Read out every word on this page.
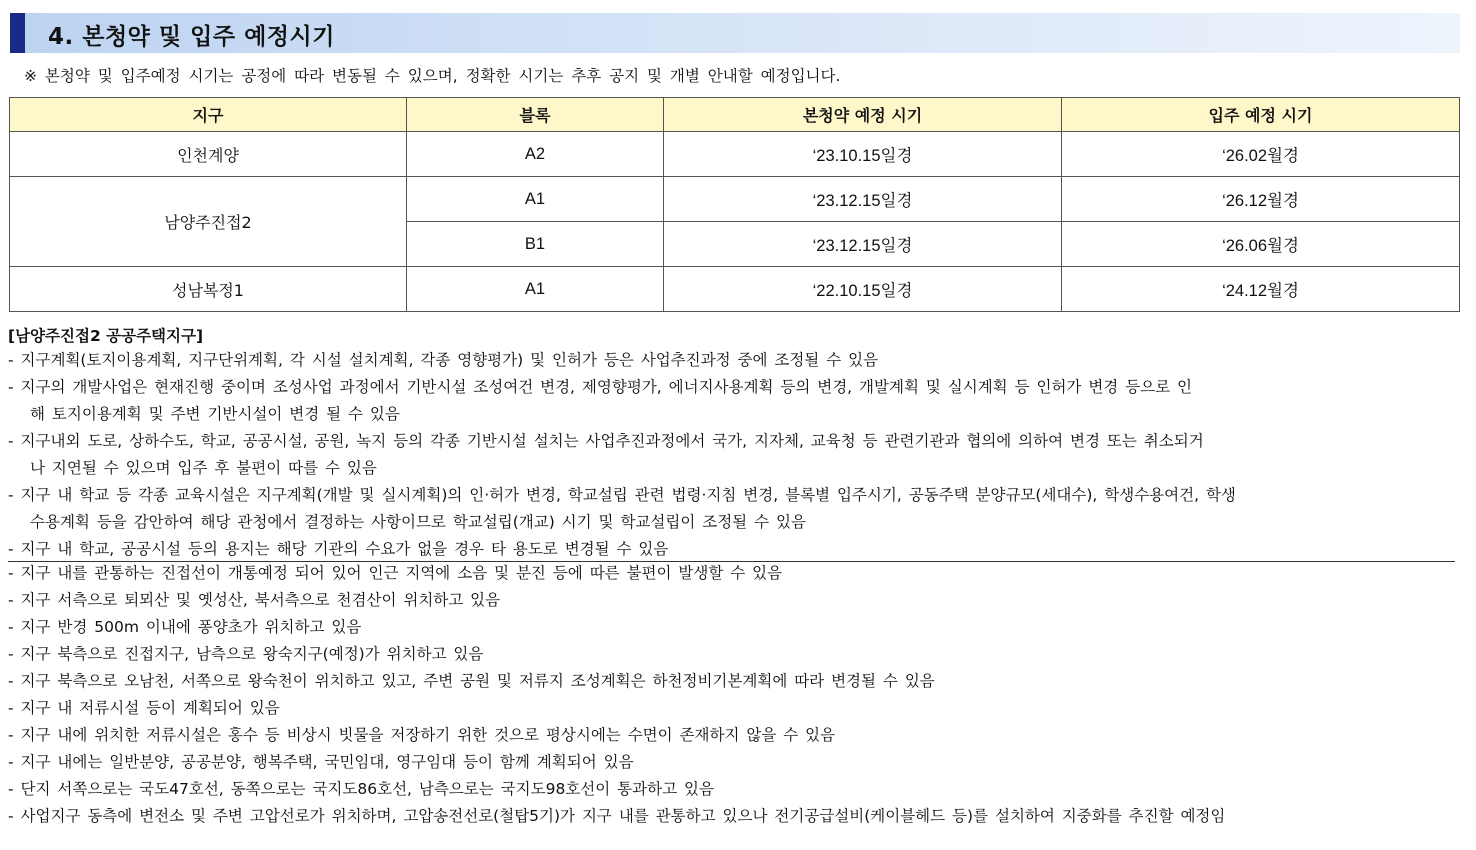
4. 본청약 및 입주 예정시기
※ 본청약 및 입주예정 시기는 공정에 따라 변동될 수 있으며, 정확한 시기는 추후 공지 및 개별 안내할 예정입니다.
지구	블록	본청약 예정 시기	입주 예정 시기
인천계양	A2	‘23.10.15일경	‘26.02월경
남양주진접2	A1	‘23.12.15일경	‘26.12월경
	B1	‘23.12.15일경	‘26.06월경
성남복정1	A1	‘22.10.15일경	‘24.12월경
[남양주진접2 공공주택지구]
- 지구계획(토지이용계획, 지구단위계획, 각 시설 설치계획, 각종 영향평가) 및 인허가 등은 사업추진과정 중에 조정될 수 있음
- 지구의 개발사업은 현재진행 중이며 조성사업 과정에서 기반시설 조성여건 변경, 제영향평가, 에너지사용계획 등의 변경, 개발계획 및 실시계획 등 인허가 변경 등으로 인
해 토지이용계획 및 주변 기반시설이 변경 될 수 있음
- 지구내외 도로, 상하수도, 학교, 공공시설, 공원, 녹지 등의 각종 기반시설 설치는 사업추진과정에서 국가, 지자체, 교육청 등 관련기관과 협의에 의하여 변경 또는 취소되거
나 지연될 수 있으며 입주 후 불편이 따를 수 있음
- 지구 내 학교 등 각종 교육시설은 지구계획(개발 및 실시계획)의 인·허가 변경, 학교설립 관련 법령·지침 변경, 블록별 입주시기, 공동주택 분양규모(세대수), 학생수용여건, 학생
수용계획 등을 감안하여 해당 관청에서 결정하는 사항이므로 학교설립(개교) 시기 및 학교설립이 조정될 수 있음
- 지구 내 학교, 공공시설 등의 용지는 해당 기관의 수요가 없을 경우 타 용도로 변경될 수 있음
- 지구 내를 관통하는 진접선이 개통예정 되어 있어 인근 지역에 소음 및 분진 등에 따른 불편이 발생할 수 있음
- 지구 서측으로 퇴뫼산 및 옛성산, 북서측으로 천겸산이 위치하고 있음
- 지구 반경 500m 이내에 퐁양초가 위치하고 있음
- 지구 북측으로 진접지구, 남측으로 왕숙지구(예정)가 위치하고 있음
- 지구 북측으로 오남천, 서쪽으로 왕숙천이 위치하고 있고, 주변 공원 및 저류지 조성계획은 하천정비기본계획에 따라 변경될 수 있음
- 지구 내 저류시설 등이 계획되어 있음
- 지구 내에 위치한 저류시설은 홍수 등 비상시 빗물을 저장하기 위한 것으로 평상시에는 수면이 존재하지 않을 수 있음
- 지구 내에는 일반분양, 공공분양, 행복주택, 국민임대, 영구임대 등이 함께 계획되어 있음
- 단지 서쪽으로는 국도47호선, 동쪽으로는 국지도86호선, 남측으로는 국지도98호선이 통과하고 있음
- 사업지구 동측에 변전소 및 주변 고압선로가 위치하며, 고압송전선로(철탑5기)가 지구 내를 관통하고 있으나 전기공급설비(케이블헤드 등)를 설치하여 지중화를 추진할 예정임
